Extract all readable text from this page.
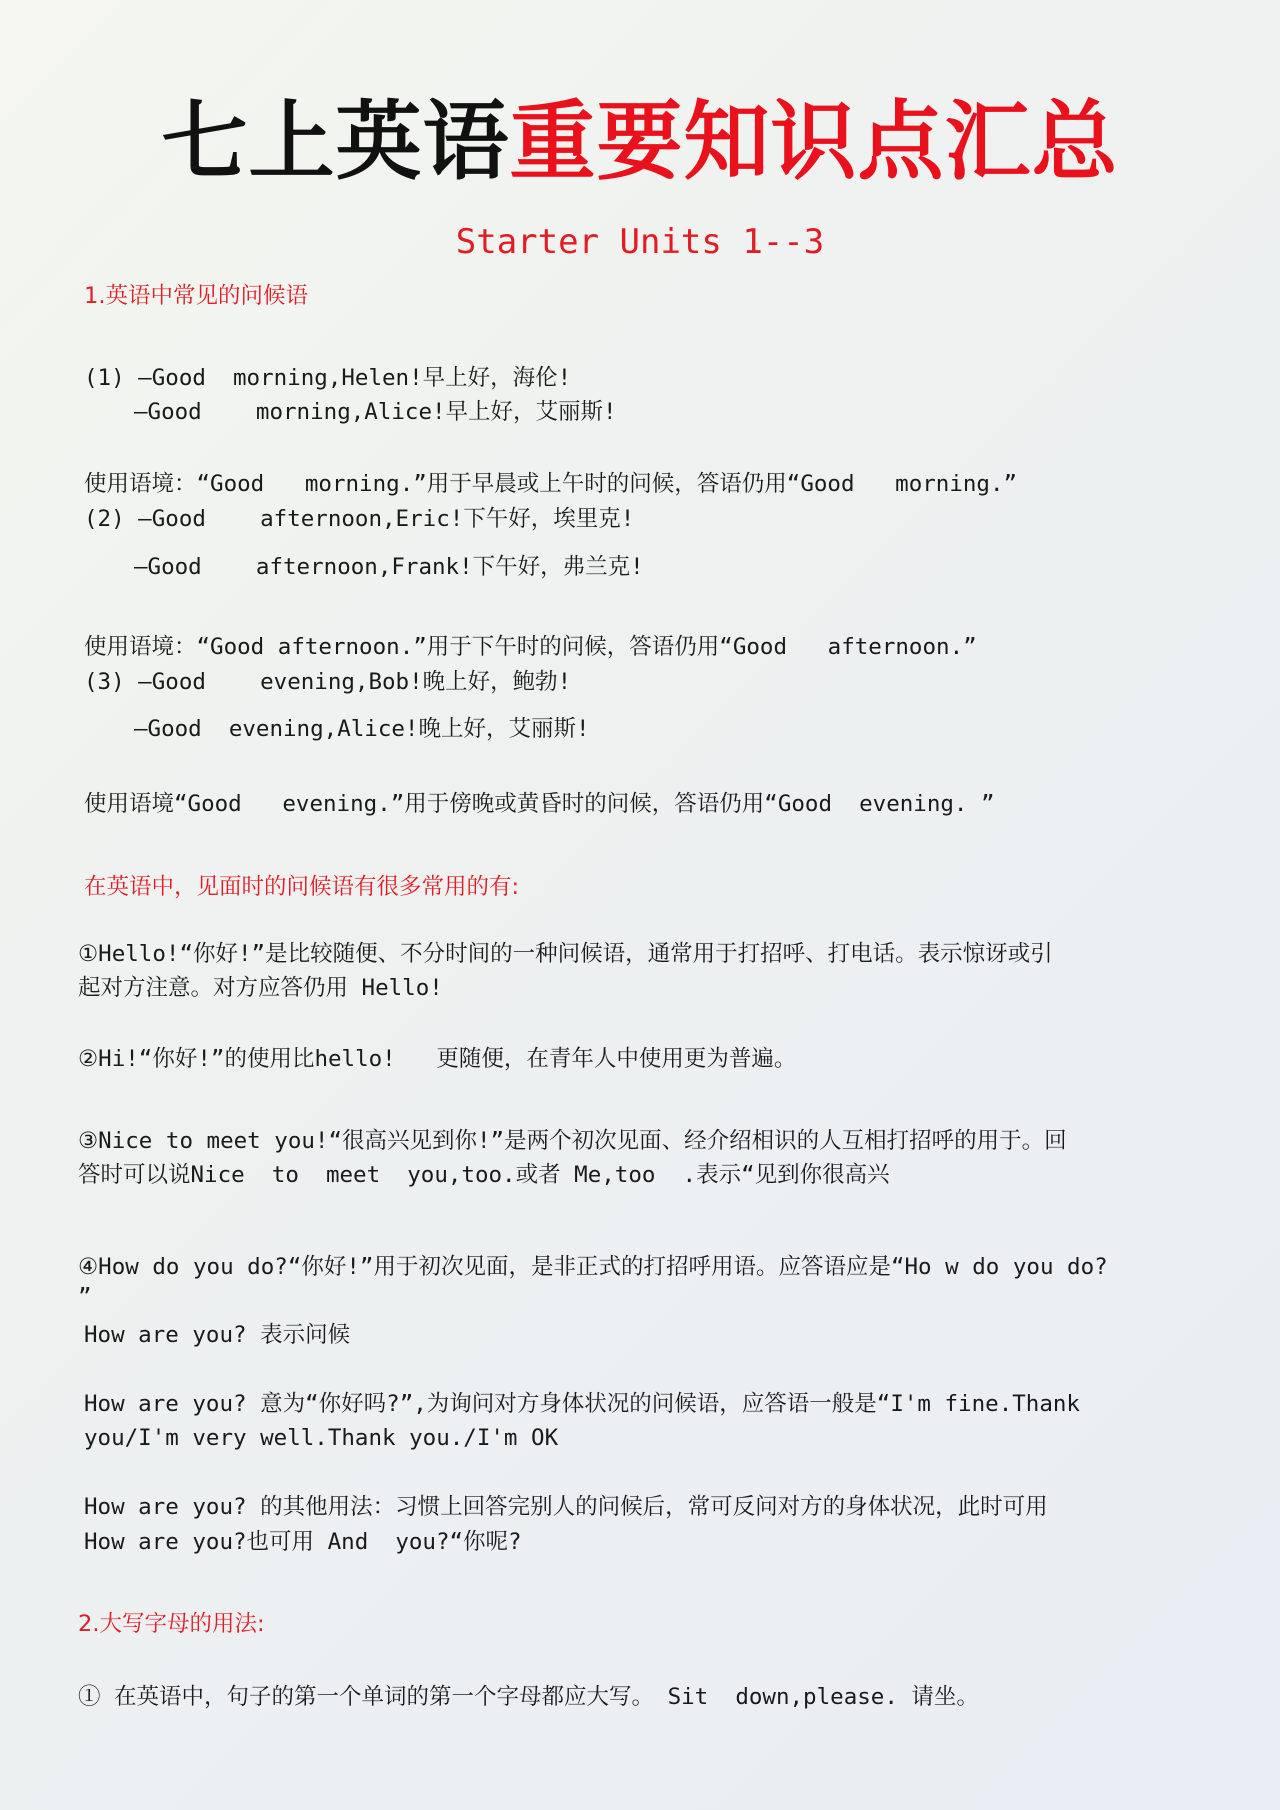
七上英语重要知识点汇总

Starter Units 1--3

1.英语中常见的问候语

(1) —Good  morning,Helen!早上好，海伦!

—Good    morning,Alice!早上好，艾丽斯!

使用语境：“Good   morning.”用于早晨或上午时的问候，答语仍用“Good   morning.”

(2) —Good    afternoon,Eric!下午好，埃里克!

—Good    afternoon,Frank!下午好，弗兰克!

使用语境：“Good afternoon.”用于下午时的问候，答语仍用“Good   afternoon.”

(3) —Good    evening,Bob!晚上好，鲍勃!

—Good  evening,Alice!晚上好，艾丽斯!

使用语境“Good   evening.”用于傍晚或黄昏时的问候，答语仍用“Good  evening. ”

在英语中，见面时的问候语有很多常用的有:

①Hello!“你好!”是比较随便、不分时间的一种问候语，通常用于打招呼、打电话。表示惊讶或引

起对方注意。对方应答仍用 Hello!

②Hi!“你好!”的使用比hello!   更随便，在青年人中使用更为普遍。

③Nice to meet you!“很高兴见到你!”是两个初次见面、经介绍相识的人互相打招呼的用于。回

答时可以说Nice  to  meet  you,too.或者 Me,too  .表示“见到你很高兴

④How do you do?“你好!”用于初次见面，是非正式的打招呼用语。应答语应是“Ho w do you do?

”

How are you? 表示问候

How are you? 意为“你好吗?”,为询问对方身体状况的问候语，应答语一般是“I'm fine.Thank

you/I'm very well.Thank you./I'm OK

How are you? 的其他用法：习惯上回答完别人的问候后，常可反问对方的身体状况，此时可用

How are you?也可用 And  you?“你呢?

2.大写字母的用法:

① 在英语中，句子的第一个单词的第一个字母都应大写。 Sit  down,please. 请坐。
